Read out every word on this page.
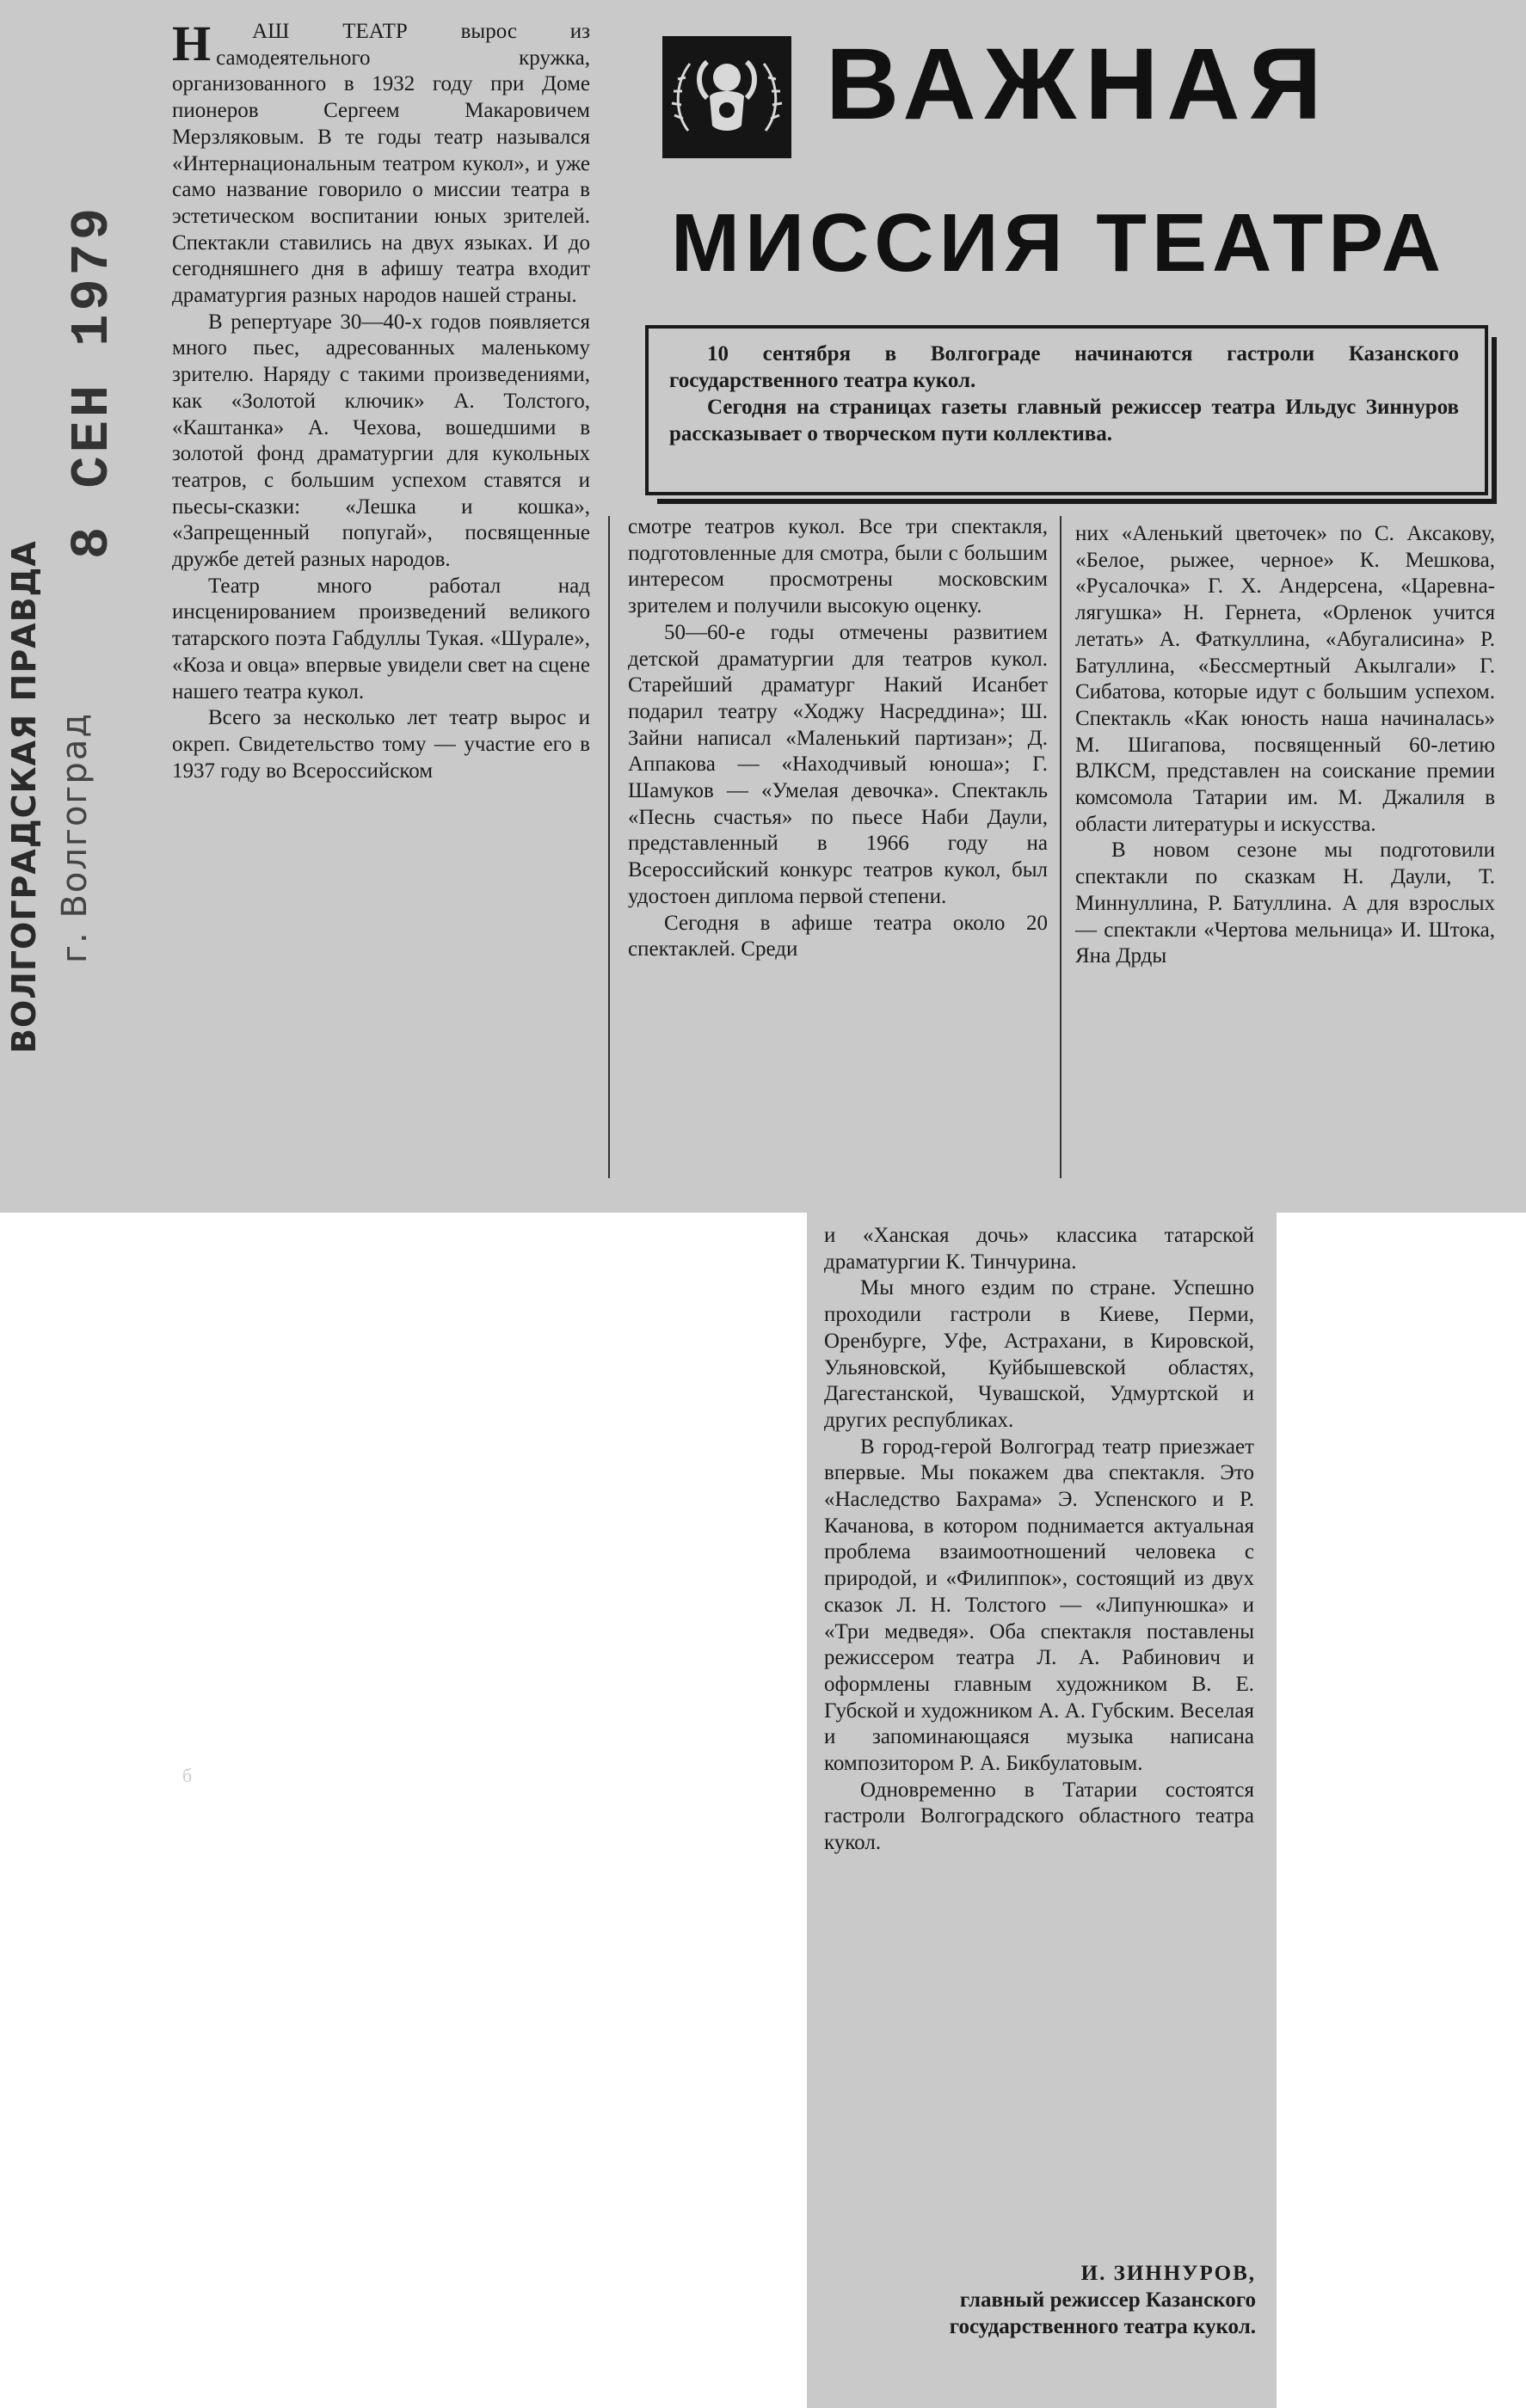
8 СЕН 1979
ВОЛГОГРАДСКАЯ ПРАВДА г. Волгоград

Н АШ ТЕАТР вырос из самодеятельного кружка, организованного в 1932 году при Доме пионеров Сергеем Макаровичем Мерзляковым. В те годы театр назывался «Интернациональным театром кукол», и уже само название говорило о миссии театра в эстетическом воспитании юных зрителей. Спектакли ставились на двух языках. И до сегодняшнего дня в афишу театра входит драматургия разных народов нашей страны.

В репертуаре 30—40-х годов появляется много пьес, адресованных маленькому зрителю. Наряду с такими произведениями, как «Золотой ключик» А. Толстого, «Каштанка» А. Чехова, вошедшими в золотой фонд драматургии для кукольных театров, с большим успехом ставятся и пьесы-сказки: «Лешка и кошка», «Запрещенный попугай», посвященные дружбе детей разных народов.

Театр много работал над инсценированием произведений великого татарского поэта Габдуллы Тукая. «Шурале», «Коза и овца» впервые увидели свет на сцене нашего театра кукол.

Всего за несколько лет театр вырос и окреп. Свидетельство тому — участие его в 1937 году во Всероссийском

ВАЖНАЯ
МИССИЯ ТЕАТРА

10 сентября в Волгограде начинаются гастроли Казанского государственного театра кукол.

Сегодня на страницах газеты главный режиссер театра Ильдус Зиннуров рассказывает о творческом пути коллектива.

смотре театров кукол. Все три спектакля, подготовленные для смотра, были с большим интересом просмотрены московским зрителем и получили высокую оценку.

50—60-е годы отмечены развитием детской драматургии для театров кукол. Старейший драматург Накий Исанбет подарил театру «Ходжу Насреддина»; Ш. Зайни написал «Маленький партизан»; Д. Аппакова — «Находчивый юноша»; Г. Шамуков — «Умелая девочка». Спектакль «Песнь счастья» по пьесе Наби Даули, представленный в 1966 году на Всероссийский конкурс театров кукол, был удостоен диплома первой степени.

Сегодня в афише театра около 20 спектаклей. Среди

них «Аленький цветочек» по С. Аксакову, «Белое, рыжее, черное» К. Мешкова, «Русалочка» Г. Х. Андерсена, «Царевна-лягушка» Н. Гернета, «Орленок учится летать» А. Фаткуллина, «Абугалисина» Р. Батуллина, «Бессмертный Акылгали» Г. Сибатова, которые идут с большим успехом. Спектакль «Как юность наша начиналась» М. Шигапова, посвященный 60-летию ВЛКСМ, представлен на соискание премии комсомола Татарии им. М. Джалиля в области литературы и искусства.

В новом сезоне мы подготовили спектакли по сказкам Н. Даули, Т. Миннуллина, Р. Батуллина. А для взрослых — спектакли «Чертова мельница» И. Штока, Яна Дрды

и «Ханская дочь» классика татарской драматургии К. Тинчурина.

Мы много ездим по стране. Успешно проходили гастроли в Киеве, Перми, Оренбурге, Уфе, Астрахани, в Кировской, Ульяновской, Куйбышевской областях, Дагестанской, Чувашской, Удмуртской и других республиках.

В город-герой Волгоград театр приезжает впервые. Мы покажем два спектакля. Это «Наследство Бахрама» Э. Успенского и Р. Качанова, в котором поднимается актуальная проблема взаимоотношений человека с природой, и «Филиппок», состоящий из двух сказок Л. Н. Толстого — «Липунюшка» и «Три медведя». Оба спектакля поставлены режиссером театра Л. А. Рабинович и оформлены главным художником В. Е. Губской и художником А. А. Губским. Веселая и запоминающаяся музыка написана композитором Р. А. Бикбулатовым.

Одновременно в Татарии состоятся гастроли Волгоградского областного театра кукол.

И. ЗИННУРОВ,
главный режиссер Казанского государственного театра кукол.
б
